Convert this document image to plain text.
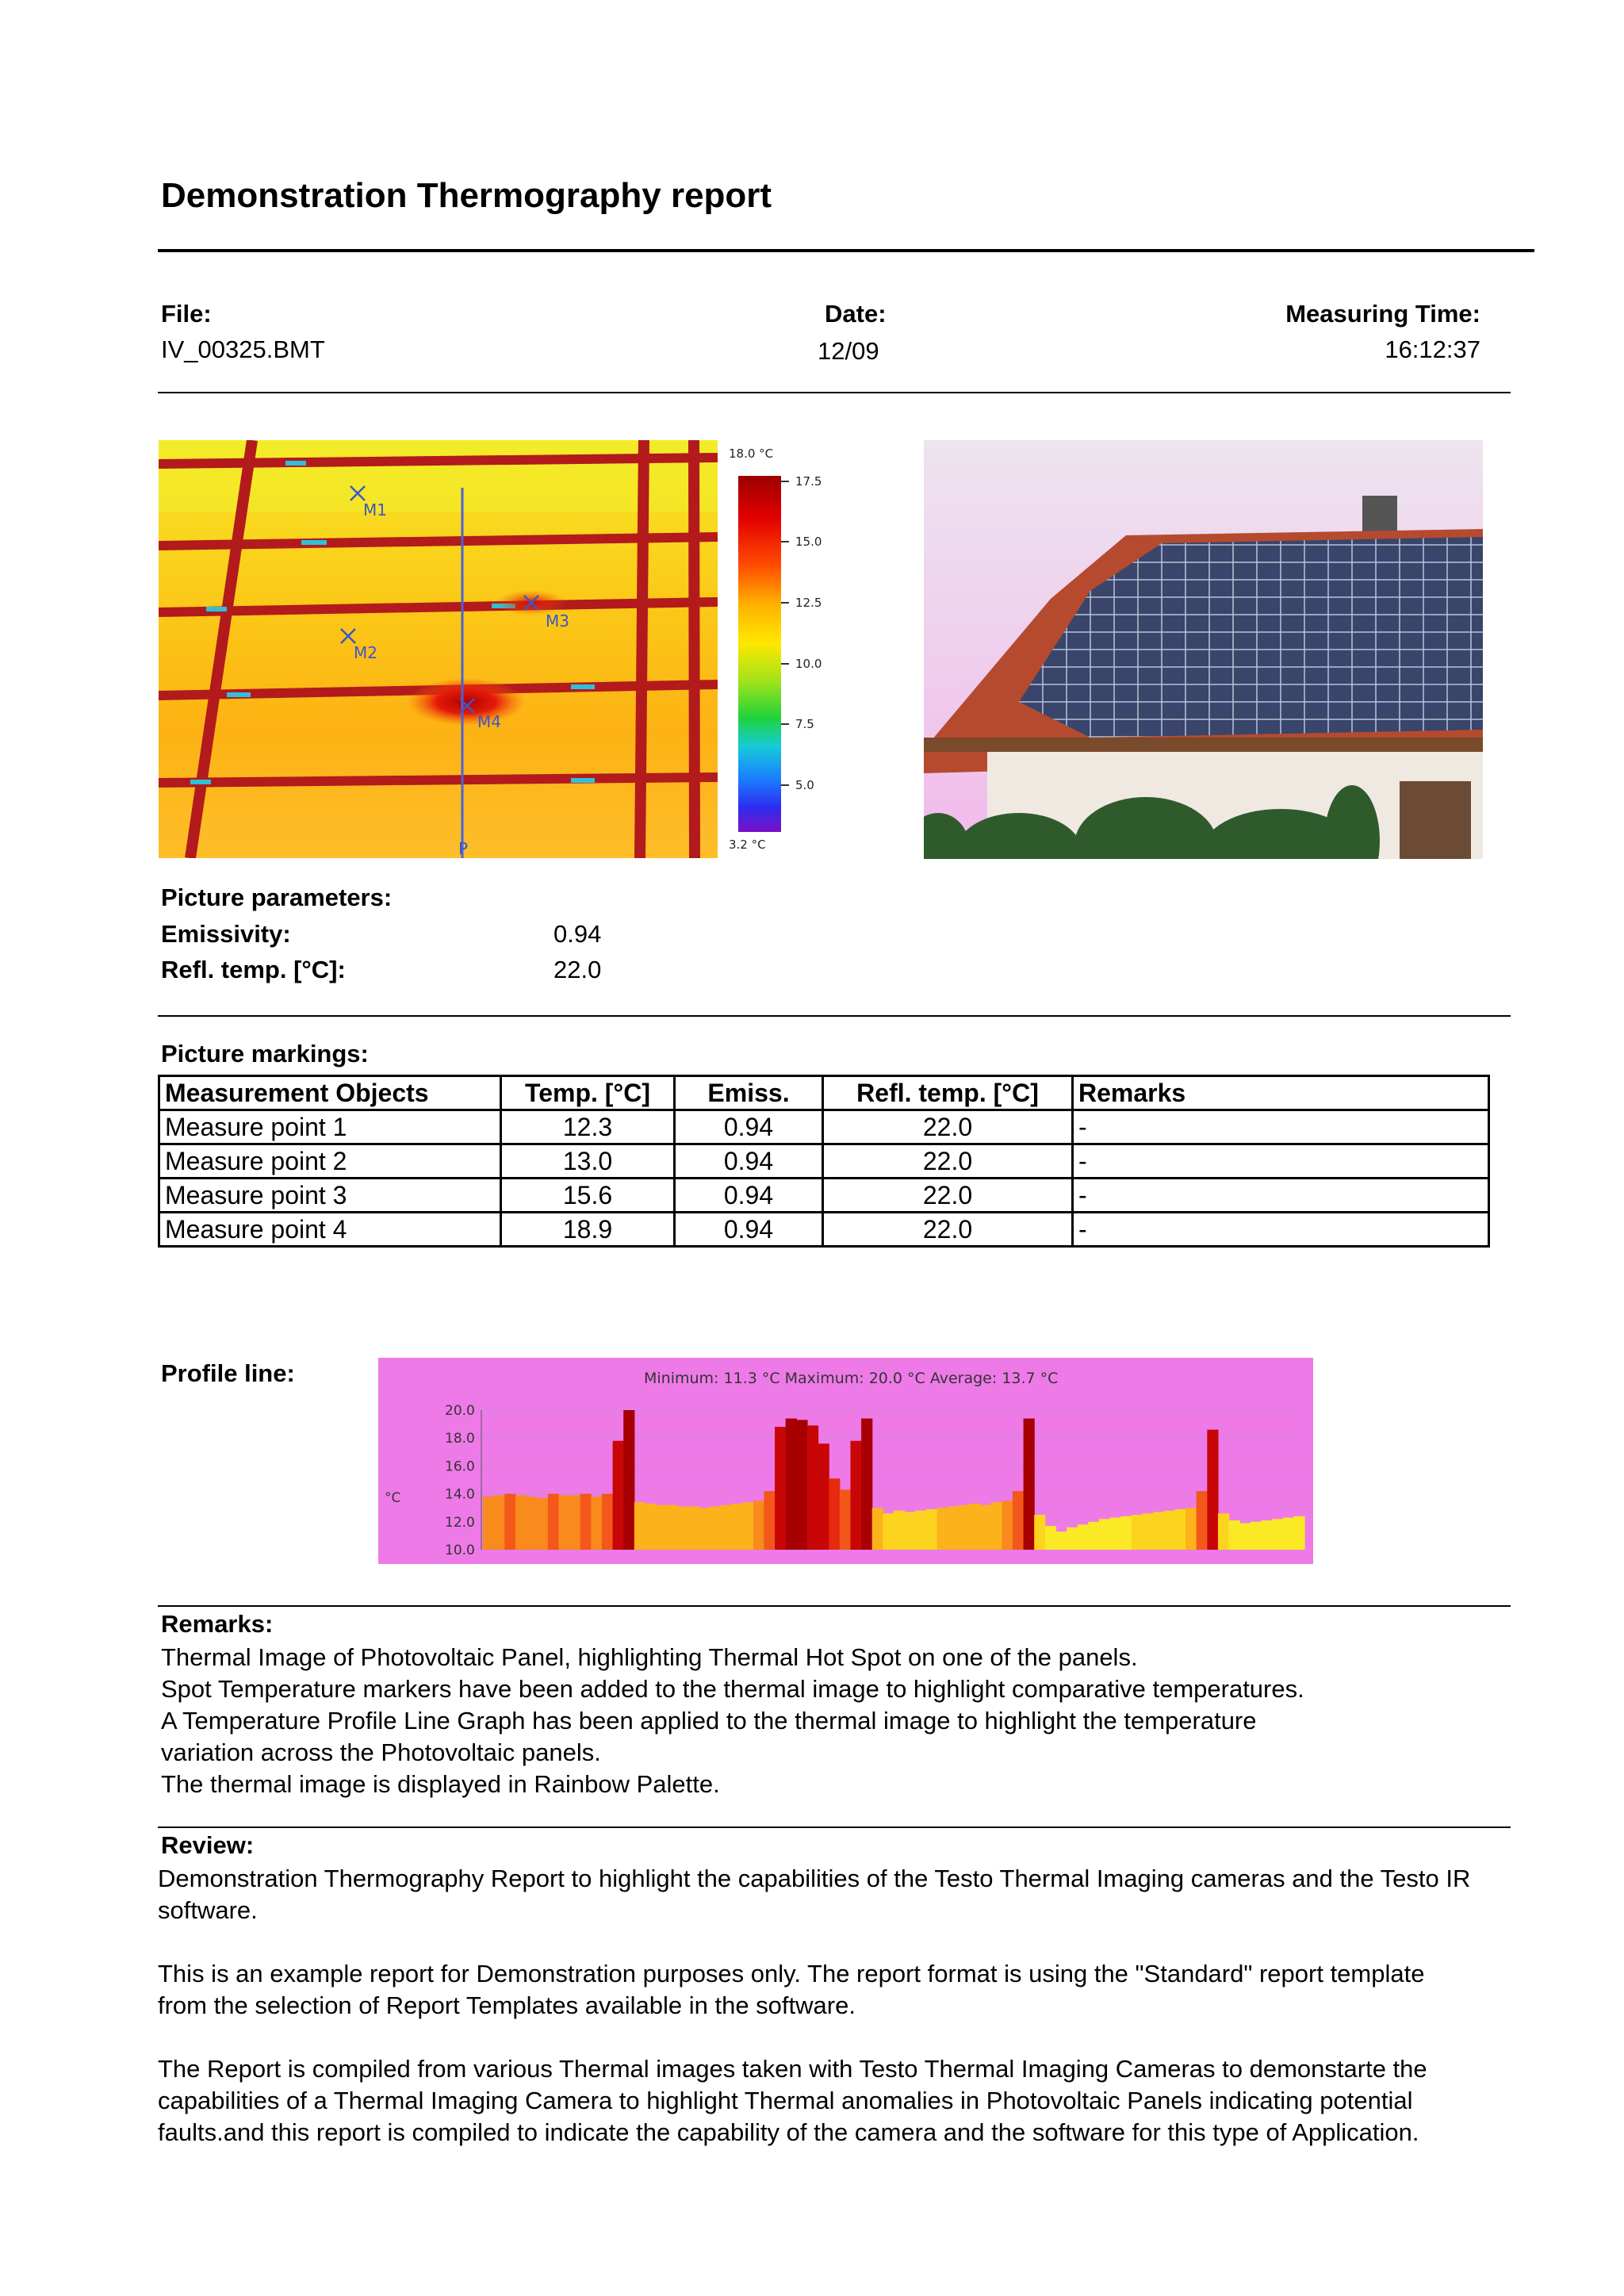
Demonstration Thermography report
File:
IV_00325.BMT
Date:
12/09
Measuring Time:
16:12:37
M1
M2
M3
M4
P
18.0 °C
17.5
15.0
12.5
10.0
7.5
5.0
3.2 °C
Picture parameters:
Emissivity:	0.94
Refl. temp. [°C]:	22.0
Picture markings:
Measurement Objects	Temp. [°C]	Emiss.	Refl. temp. [°C]	Remarks
Measure point 1	12.3	0.94	22.0	-
Measure point 2	13.0	0.94	22.0	-
Measure point 3	15.6	0.94	22.0	-
Measure point 4	18.9	0.94	22.0	-
Profile line:	Minimum: 11.3 °C Maximum: 20.0 °C Average: 13.7 °C
°C
20.0
18.0
16.0
14.0
12.0
10.0
Remarks:
Thermal Image of Photovoltaic Panel, highlighting Thermal Hot Spot on one of the panels.
Spot Temperature markers have been added to the thermal image to highlight comparative temperatures.
A Temperature Profile Line Graph has been applied to the thermal image to highlight the temperature
variation across the Photovoltaic panels.
The thermal image is displayed in Rainbow Palette.
Review:
Demonstration Thermography Report to highlight the capabilities of the Testo Thermal Imaging cameras and the Testo IR software.
This is an example report for Demonstration purposes only. The report format is using the "Standard" report template from the selection of Report Templates available in the software.
The Report is compiled from various Thermal images taken with Testo Thermal Imaging Cameras to demonstarte the capabilities of a Thermal Imaging Camera to highlight Thermal anomalies in Photovoltaic Panels indicating potential faults.and this report is compiled to indicate the capability of the camera and the software for this type of Application.
